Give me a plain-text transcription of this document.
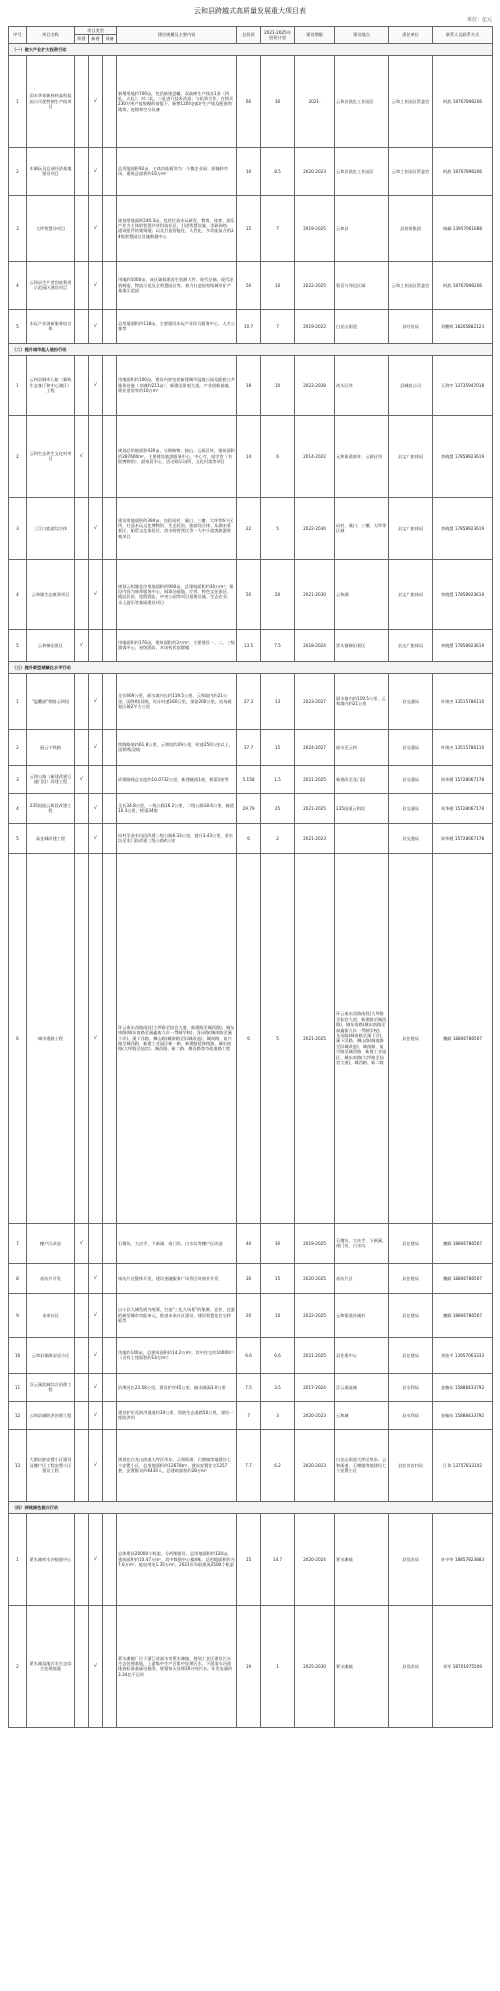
云和县跨越式高质量发展重大项目表
单位：亿元
序号	项目名称	项目类型			建设规模及主要内容	总投资	2021-2025年投资计划	建设期限	建设地点	责任单位	联系人及联系方式
		续建	新建	预备							
（一）做大产业扩大投资行动											
1	国水华邦新材料高科技园公司优特钢生产线项目		√		新增用地约700亩，包括新建盘螺、双高棒生产线各1条（四轧、五轧）；对二轧、三轧进行技术改造；与拓鸿合作，在购买230万吨产能规模的前提下，新增120t电弧炉生产线及配套的精炼、连铸和空分设备	60	30	2021-	云和县凯化工业园区	云和工业园区管委会	柯波 18767896206
2	木制玩具总部经济基地建设项目		√		总用地面积92亩，主体功能板块为：小微企业园、原辅料市场、建筑总面积约16万m²	10	8.5	2020-2023	云和县凯化工业园区	云和工业园区管委会	柯波 18767896206
3	大坪智慧谷项目		√		规划用地面积240.3亩，包括打造木玩研发、教育、体育、游乐产业为主体的智慧共享科技社区，引进智慧设施、美研网络、通讯组件的集聚地；以及打造智能化、人性化、多功能复合的24级智慧园区设施数据中心	15	7	2019-2025	云和县	县投资集团	杨娴 13957061688
4	云和县生产者回收利用示范园区建设项目		√		用地约1000亩，该区域拟建再生资源大件、现代仓储、现代涂装制造、物流示范及全智慧园区等，着力打造国家级城市矿产基地示范园	50	10	2022-2025	箬岙与邻边区域	云和工业园区管委会	柯波 18767896206
5	木玩产业创新服务综合体		√		总用地面积约118亩，主要建设木玩产业综合服务中心、人才公寓等	10.7	7	2019-2022	白龙山街道	县经信局	刘鹏辉 18205882123
（二）提升城市能人装扮行动											
1	云和县城市心脏（雾屿生态客厅和中心湖区）工程		√		用地面积约100亩，建设内容包括新建城市湿地公园及配套公共服务设施（水域约211亩），新建沿景观大道，产业创新基地、商业用房等约10万m²	18	10	2022-2028	尚头区块	县城投公司	王海宇 13735947018
2	云和生态养生文化村项目	√			规划总用地面积430亩，分期购物、独山、云源区块，建筑面积约287600m²。主要建设旅游服务中心、中心寺、国学堂（书院博物馆）、丽家居中心、活动娱乐场所、文化村落等项目	14	6	2014-2022	元和街道郭井、云源区块	县文广旅体局	李晓慧 17858923619
3	三江口旅游综合体		√		建设用地面积约394亩，包括局村、溪口、三槽、大坪等6个区块，打造木玩文化博物馆、生态民宿、旅游综合体、东湖水景景区、船帮文化体验区、滨水野营营区等一大中小游客旅游景观项目	22	5	2022-2030	局村、溪口、三槽、大坪等区域	县文广旅体局	李晓慧 17858923619
4	云和湖生态康养项目		√		规划云和湖北岸用地面积约900亩，总建筑面积约30万m²；建设内容为康养服务中心、网球场基地、疗养、特色文化街区、精品民宿、度假酒店，中央公园等项目基建设施、生态农业、水上游乐等基础建设项目	50	20	2021-2030	云和湖	县文广旅体局	李晓慧 17858923619
5	云和梯田景区	√			用地面积约170亩，建筑面积约3万m²，主要建设一、二、三级游客中心，星级酒店、木结构民宿群楼	13.5	7.5	2018-2024	崇头镇梯田景区	县文广旅体局	李晓慧 17858923619
（三）提升新型城镇化水平行动											
1	"温衢丽"铁路云和段		√		全长669公里，丽水境内长约119.5公里，云和境内约21公里，国铁I级双线，设计时速160公里，预留200公里，站场规划区域2平方公里	27.3	13	2023-2027	丽水境内约119.5公里，云和境内约21公里	县交通局	叶锦杰 13515786110
2	丽云宁铁路		√		铁路路基约61.8公里，云和段约29公里，时速250公里以上，国铁I级双线	37.7	15	2024-2027	丽水至云和	县交通局	叶锦杰 13515786110
3	云和公路（新建改建互通门段）改建工程	√			改建路线总长度约10.0732公里，新建隧道1座，桥梁1座等	5.158	1.5	2021-2025	新建改至龙门段	县交通局	周华健 15728067178
4	235国道云和段改建工程		√		全长34.8公里，一级公路16.2公里，二级公路18.6公里，隧道10.3公里，桥梁34座	29.79	25	2021-2025	235国道云和段	县交通局	周华健 15728067178
5	高龙城改建工程		√		局村至金水坑段改建二级公路6.33公里，提升3.43公里，金水坑至龙门段改建三级公路4公里	6	2	2021-2023		县交通局	周华健 15728067178
6	城市道路工程		√		环云南东西路南段(大坪路至仙宫大道、新建路至城西路)、城东南路(城东南路至福鑫街九年一贯制学校)、龙母路(城南路至溪下洋)、溪下洋路、狮山路(城南路至旧城改造)、城南路、复兴路至城西路、新建工业园区新一路、新建路延伸线路、城东南路(大坪路至仙宫)、城西路、新二路、梅岙路等市政道路工程	6	5	2021-2025	环云南东西路南段(大坪路至仙宫大道、新建路至城西路)、城东南路(城东南路至福鑫街九年一贯制学校)、龙母路(城南路至溪下洋)、溪下洋路、狮山路(城南路至旧城改造)、城南路、复兴路至城西路、新建工业园区、城东南路(大坪路至仙宫大道)、城西路、新二路	县住建局	魏顺 18806786567
7	棚户区改造	√			石塘坑、大庆寺、下新溪、南门坊、白水坑等棚户区改造	40	30	2019-2025	石塘坑、大庆寺、下新溪、南门坊、白水坑	县住建局	魏顺 18806786567
8	南坑片开发		√		南坑片区整体开发，建设金融服务广场等区块商业开发	30	15	2020-2025	南坑片区	县住建局	魏顺 18806786567
9	未来社区		√		以小县大城发展为统筹，打造"三化九场景"的集聚、宜业、宜游的新型城市功能单元，推进未来社区建设，建设智慧化住宅样板等	20	10	2022-2025	元和街道沙溪村	县住建局	魏顺 18806786567
10	云和县保障安居小区		√		用地约140亩，总建筑面积约14.2万m²，其中住宅约10000户（含有土建面积约14万m²）	6.6	6.6	2021-2025	县住建中心	县住建局	刘佑平 13957063333
11	浮云溪流域综合治理工程		√		治理河长22.58公里，建设护岸45公里，输水隧洞3.0公里	7.5	3.5	2017-2024	浮云溪流域	县水利局	金楠东 15888433792
12	云和县城防洪治理工程		√		建设护岸及防洪通道约30公里，堤防生态道路50公里，建设一座防洪坝	7	3	2020-2023	云和城	县水利局	金楠东 15888433792
13	大源坑胚安置小区建设及棚户区工程安置小区建设工程		√		规划在白龙山街道大坪区块东、云和街道、石塘镇等地建设七个安置小区，总用地面积约12678m²，建设安置住宅1257套，安置群众约6430人，总建筑面积约28万m²	7.7	6.2	2020-2023	白龙山街道大坪区块东、云和街道、石塘镇等地建设七个安置小区	县农业农村局	江伟 13757833102
（四）持续绿色振兴行动											
1	紧水滩库水冷数据中心		√		总体建设20000个机架，分两期建设，总用地面积约120亩，建筑面积约10.47万m²，其中数据中心楼4栋，总用地面积约为7.6万m²，能电用电1.35万m²，2021年争取建成2500个机架	15	14.7	2020-2024	紧水滩镇	县发改局	叶中华 18857823883
2	紧水滩湿地污水生态综合处理基地		√		紧水滩镇厂位于浙江省丽水市紧水滩镇，规划工业区建设污水生态处理基地，上游集中生产区集中处理污水，下游清水河道排放标准基础设施等，规划每天处理30万吨污水，年发电量约3.34亿千瓦时	19	1	2025-2030	紧水滩镇	县发改局	刘军 18701975509
